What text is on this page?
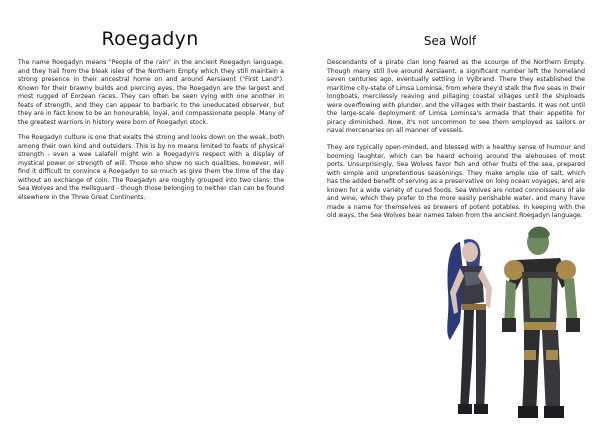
Roegadyn

The name Roegadyn means "People of the rain" in the ancient Roegadyn language, and they hail from the bleak isles of the Northern Empty which they still maintain a strong presence in their ancestral home on and around Aersiaent ("First Land"). Known for their brawny builds and piercing eyes, the Roegadyn are the largest and most rugged of Eorzean races. They can often be seen vying with one another in feats of strength, and they can appear to barbaric to the uneducated observer, but they are in fact know to be an honourable, loyal, and compassionate people. Many of the greatest warriors in history were born of Roegadyn stock.

The Roegadyn culture is one that exalts the strong and looks down on the weak, both among their own kind and outsiders. This is by no means limited to feats of physical strength - even a wee Lalafell might win a Roegadyn's respect with a display of mystical power or strength of will. Those who show no such qualities, however, will find it difficult to convince a Roegadyn to so much as give them the time of the day without an exchange of coin. The Roegadyn are roughly grouped into two clans: the Sea Wolves and the Hellsguard - though those belonging to neither clan can be found elsewhere in the Three Great Continents.

Sea Wolf

Descendants of a pirate clan long feared as the scourge of the Northern Empty. Though many still live around Aerslaent, a significant number left the homeland seven centuries ago, eventually settling in Vylbrand. There they established the maritime city-state of Limsa Lominsa, from where they'd stalk the five seas in their longboats, mercilessly reaving and pillaging coastal villages until the shiploads were overflowing with plunder, and the villages with their bastards. It was not until the large-scale deployment of Limsa Lominsa's armada that their appetite for piracy diminished. Now, it's not uncommon to see them employed as sailors or naval mercenaries on all manner of vessels.

They are typically open-minded, and blessed with a healthy sense of humour and booming laughter, which can be heard echoing around the alehouses of most ports. Unsurprisingly, Sea Wolves favor fish and other fruits of the sea, prepared with simple and unpretentious seasonings. They make ample use of salt, which has the added benefit of serving as a preservative on long ocean voyages, and are known for a wide variety of cured foods. Sea Wolves are noted connoisseurs of ale and wine, which they prefer to the more easily perishable water, and many have made a name for themselves as brewers of potent potables. In keeping with the old ways, the Sea Wolves bear names taken from the ancient Roegadyn language.
